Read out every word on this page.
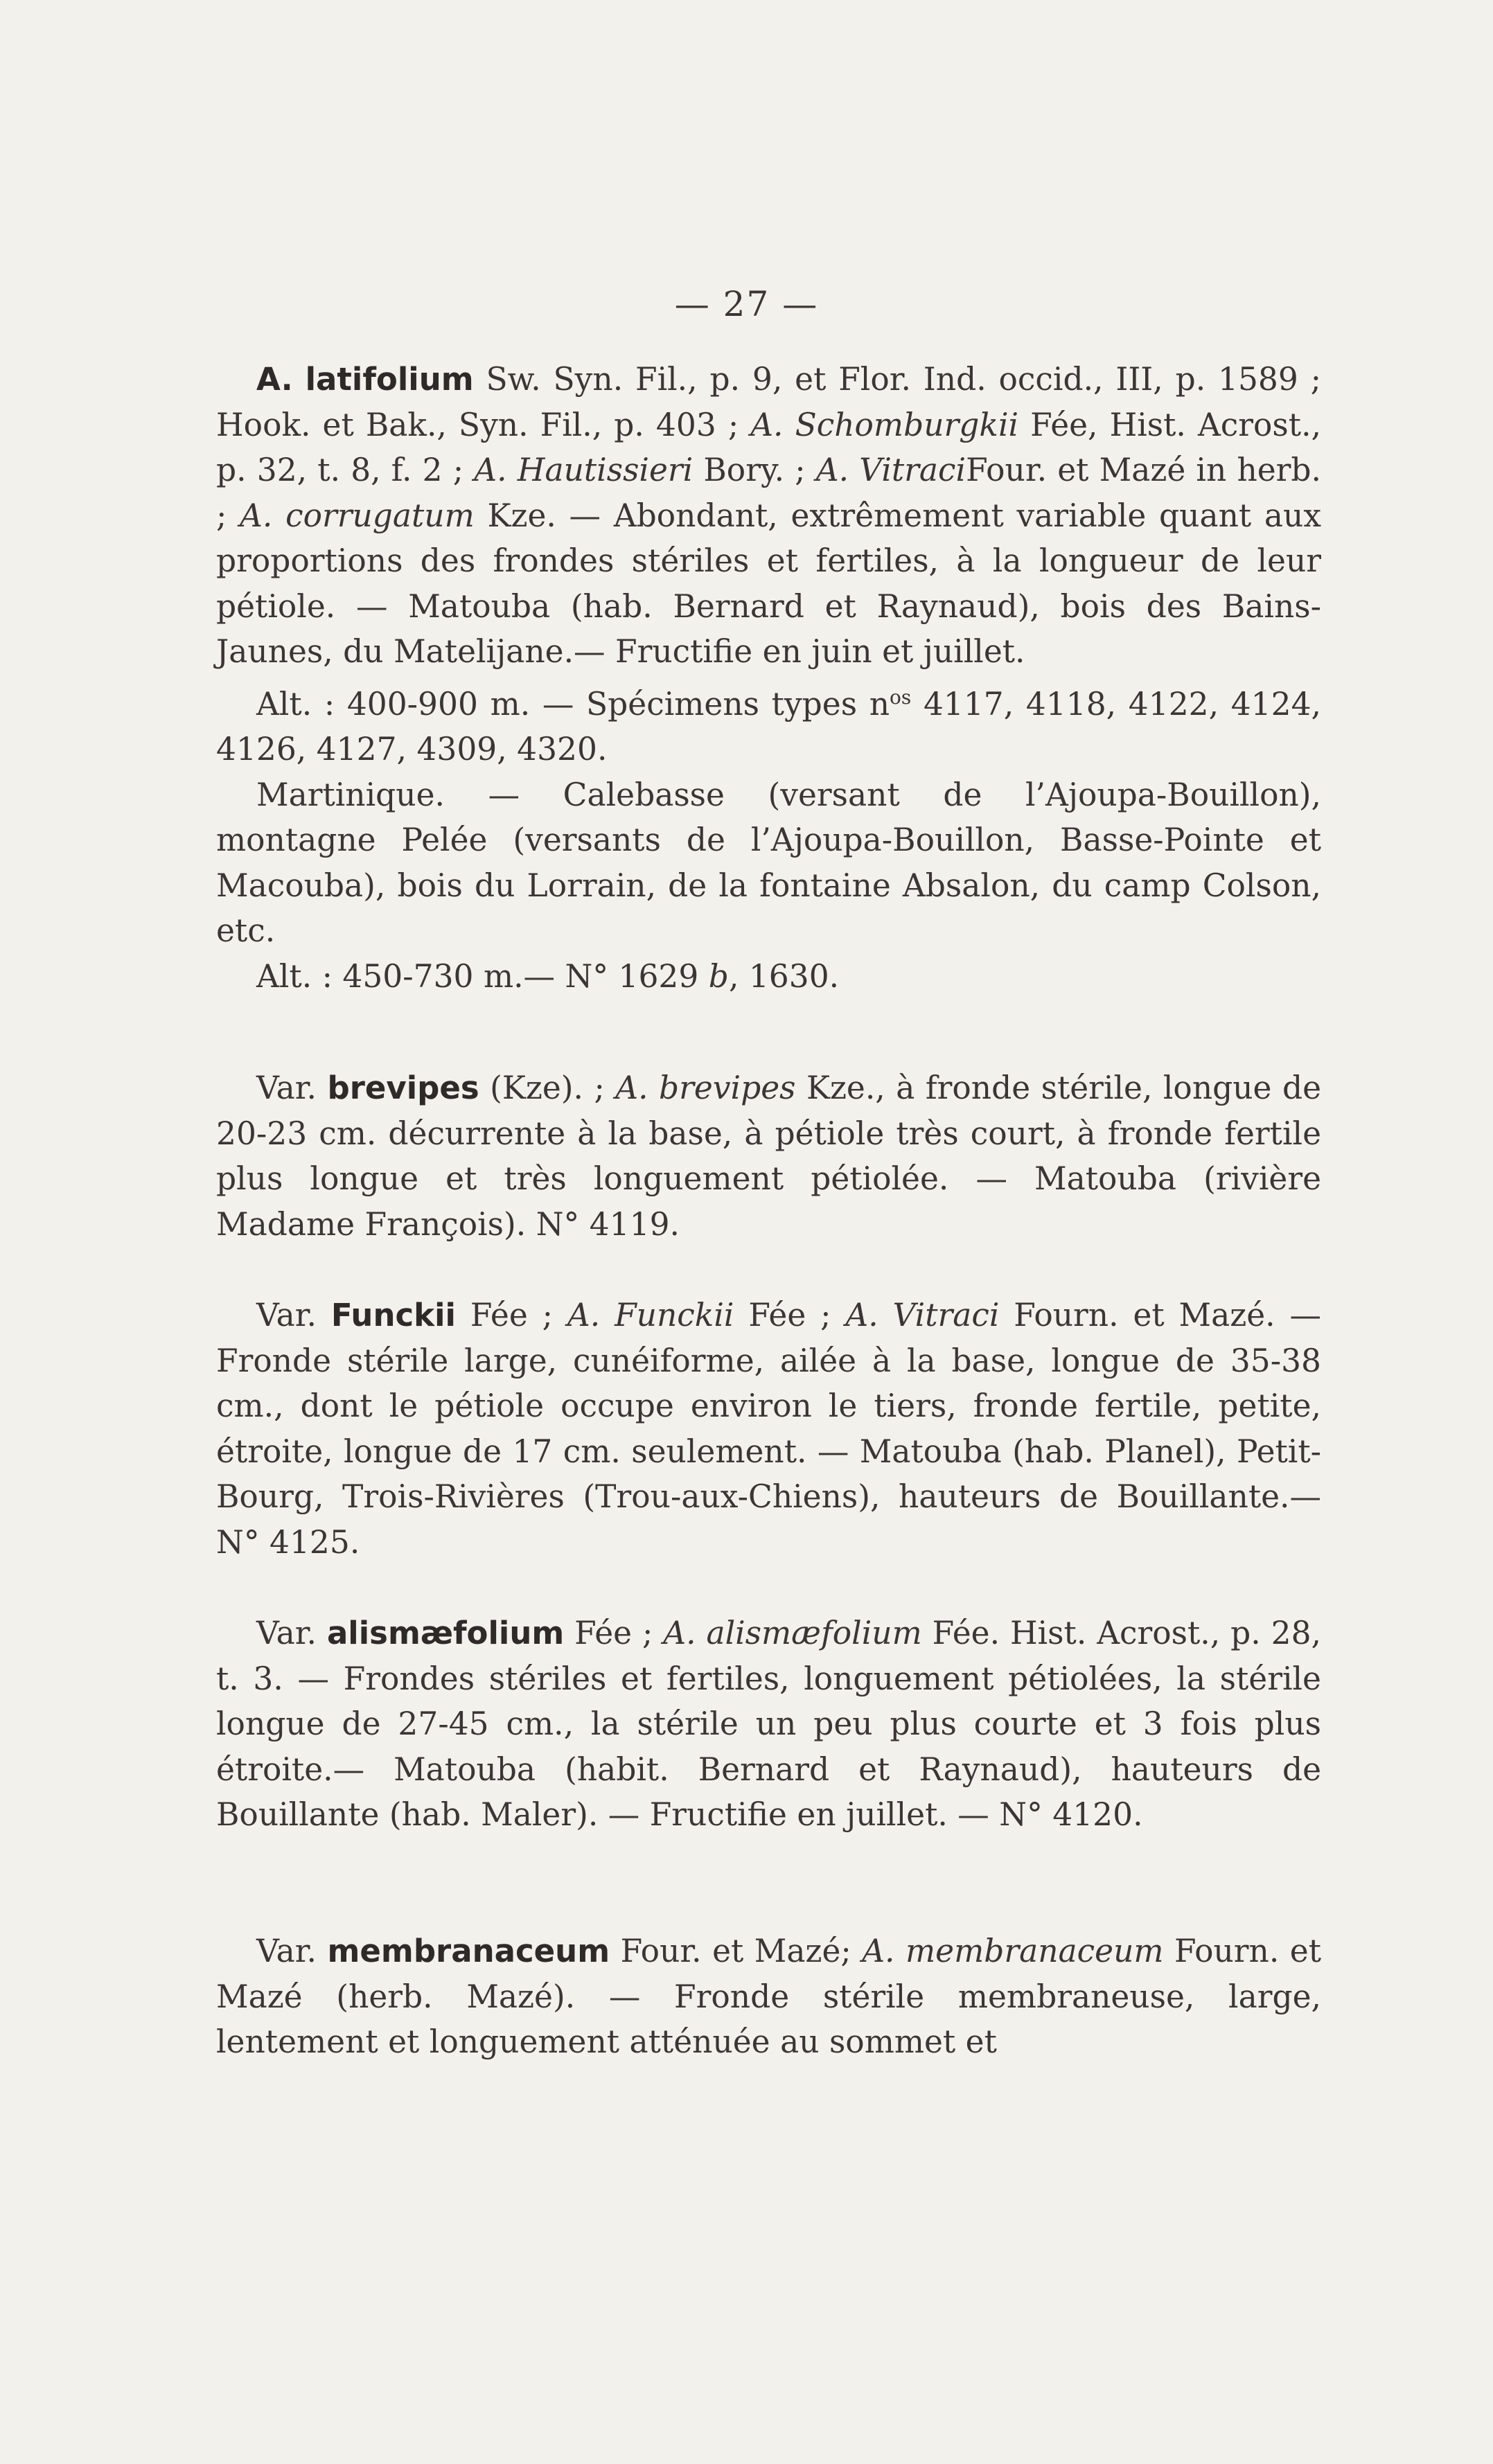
— 27 —

A. latifolium Sw. Syn. Fil., p. 9, et Flor. Ind. occid., III, p. 1589 ; Hook. et Bak., Syn. Fil., p. 403 ; A. Schomburgkii Fée, Hist. Acrost., p. 32, t. 8, f. 2 ; A. Hautissieri Bory. ; A. VitraciFour. et Mazé in herb. ; A. corrugatum Kze. — Abondant, extrêmement variable quant aux proportions des frondes stériles et fertiles, à la longueur de leur pétiole. — Matouba (hab. Bernard et Raynaud), bois des Bains-Jaunes, du Matelijane.— Fructifie en juin et juillet.

Alt. : 400-900 m. — Spécimens types $n^{os}$ 4117, 4118, 4122, 4124, 4126, 4127, 4309, 4320.

Martinique. — Calebasse (versant de l’Ajoupa-Bouillon), montagne Pelée (versants de l’Ajoupa-Bouillon, Basse-Pointe et Macouba), bois du Lorrain, de la fontaine Absalon, du camp Colson, etc.

Alt. : 450-730 m.— N° 1629 b, 1630.

Var. brevipes (Kze). ; A. brevipes Kze., à fronde stérile, longue de 20-23 cm. décurrente à la base, à pétiole très court, à fronde fertile plus longue et très longuement pétiolée. — Matouba (rivière Madame François). N° 4119.

Var. Funckii Fée ; A. Funckii Fée ; A. Vitraci Fourn. et Mazé. — Fronde stérile large, cunéiforme, ailée à la base, longue de 35-38 cm., dont le pétiole occupe environ le tiers, fronde fertile, petite, étroite, longue de 17 cm. seulement. — Matouba (hab. Planel), Petit-Bourg, Trois-Rivières (Trou-aux-Chiens), hauteurs de Bouillante.— N° 4125.

Var. alismæfolium Fée ; A. alismæfolium Fée. Hist. Acrost., p. 28, t. 3. — Frondes stériles et fertiles, longuement pétiolées, la stérile longue de 27-45 cm., la stérile un peu plus courte et 3 fois plus étroite.— Matouba (habit. Bernard et Raynaud), hauteurs de Bouillante (hab. Maler). — Fructifie en juillet. — N° 4120.

Var. membranaceum Four. et Mazé; A. membranaceum Fourn. et Mazé (herb. Mazé). — Fronde stérile membraneuse, large, lentement et longuement atténuée au sommet et
